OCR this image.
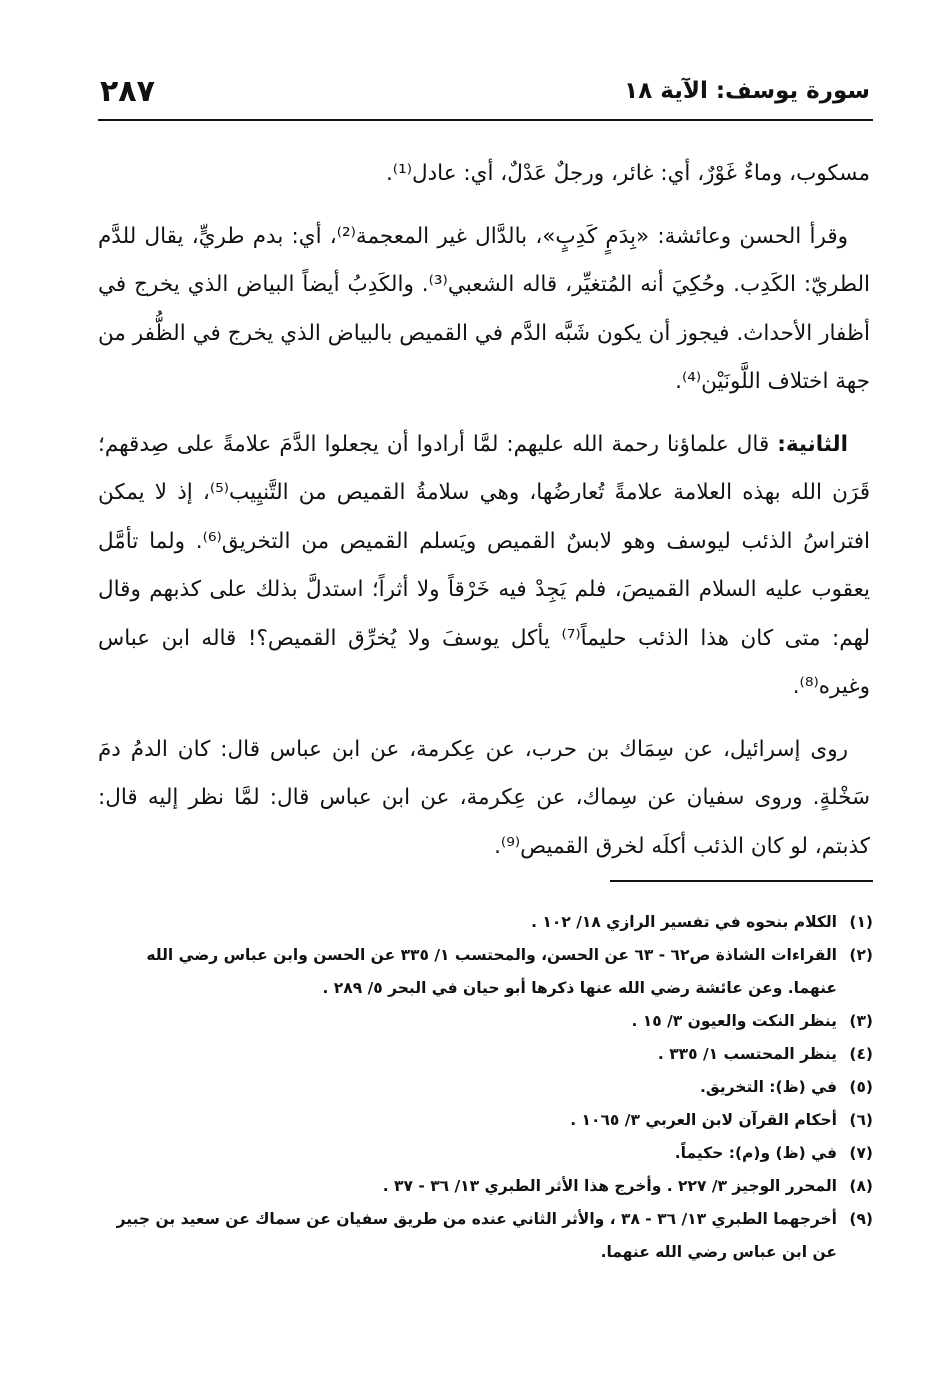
سورة يوسف: الآية ١٨
٢٨٧

مسكوب، وماءٌ غَوْرٌ، أي: غائر، ورجلٌ عَدْلٌ، أي: عادل⁽¹⁾.

وقرأ الحسن وعائشة: «بِدَمٍ كَدِبٍ»، بالدَّال غير المعجمة⁽²⁾، أي: بدم طريٍّ، يقال للدَّم الطريّ: الكَدِب. وحُكِيَ أنه المُتغيِّر، قاله الشعبي⁽³⁾. والكَدِبُ أيضاً البياض الذي يخرج في أظفار الأحداث. فيجوز أن يكون شَبَّه الدَّم في القميص بالبياض الذي يخرج في الظُّفر من جهة اختلاف اللَّونَيْن⁽⁴⁾.

الثانية: قال علماؤنا رحمة الله عليهم: لمَّا أرادوا أن يجعلوا الدَّمَ علامةً على صِدقهم؛ قَرَن الله بهذه العلامة علامةً تُعارضُها، وهي سلامةُ القميص من التَّنيِيب⁽⁵⁾، إذ لا يمكن افتراسُ الذئب ليوسف وهو لابسٌ القميص ويَسلم القميص من التخريق⁽⁶⁾. ولما تأمَّل يعقوب عليه السلام القميصَ، فلم يَجِدْ فيه خَرْقاً ولا أثراً؛ استدلَّ بذلك على كذبهم وقال لهم: متى كان هذا الذئب حليماً⁽⁷⁾ يأكل يوسفَ ولا يُخرِّق القميص؟! قاله ابن عباس وغيره⁽⁸⁾.

روى إسرائيل، عن سِمَاك بن حرب، عن عِكرمة، عن ابن عباس قال: كان الدمُ دمَ سَخْلةٍ. وروى سفيان عن سِماك، عن عِكرمة، عن ابن عباس قال: لمَّا نظر إليه قال: كذبتم، لو كان الذئب أكلَه لخرق القميص⁽⁹⁾.

(١)
الكلام بنحوه في تفسير الرازي ١٨/ ١٠٢ .

(٢)
القراءات الشاذة ص٦٢ - ٦٣ عن الحسن، والمحتسب ١/ ٣٣٥ عن الحسن وابن عباس رضي الله عنهما. وعن عائشة رضي الله عنها ذكرها أبو حيان في البحر ٥/ ٢٨٩ .

(٣)
ينظر النكت والعيون ٣/ ١٥ .

(٤)
ينظر المحتسب ١/ ٣٣٥ .

(٥)
في (ظ): التخريق.

(٦)
أحكام القرآن لابن العربي ٣/ ١٠٦٥ .

(٧)
في (ظ) و(م): حكيماً.

(٨)
المحرر الوجيز ٣/ ٢٢٧ . وأخرج هذا الأثر الطبري ١٣/ ٣٦ - ٣٧ .

(٩)
أخرجهما الطبري ١٣/ ٣٦ - ٣٨ ، والأثر الثاني عنده من طريق سفيان عن سماك عن سعيد بن جبير عن ابن عباس رضي الله عنهما.
